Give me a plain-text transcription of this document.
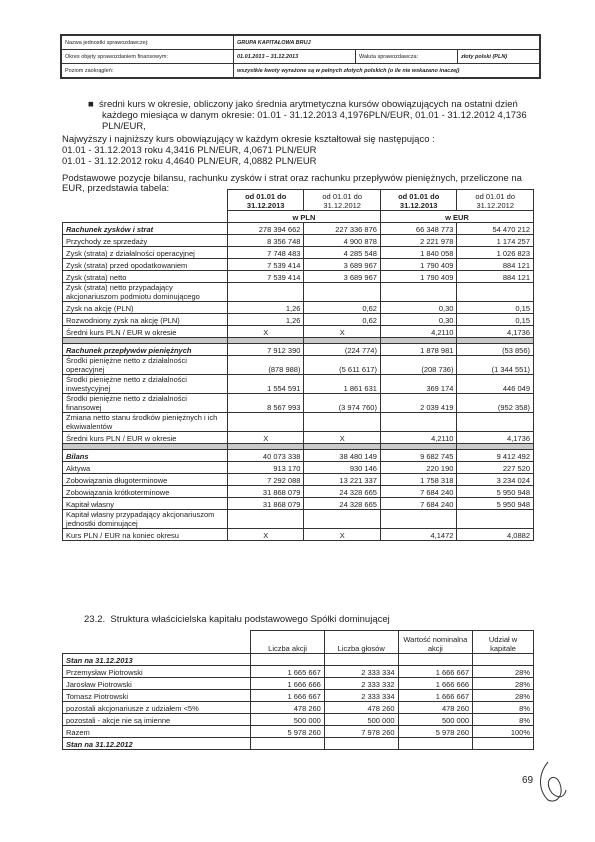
Nazwa jednostki sprawozdawczej:	GRUPA KAPITAŁOWA BRUJ		
Okres objęty sprawozdaniem finansowym:	01.01.2013 – 31.12.2013	Waluta sprawozdawcza:	złoty polski (PLN)
Poziom zaokrągleń:	wszystkie kwoty wyrażone są w pełnych złotych polskich (o ile nie wskazano inaczej)		
■  średni kurs w okresie, obliczony jako średnia arytmetyczna kursów obowiązujących na ostatni dzień
każdego miesiąca w danym okresie: 01.01 - 31.12.2013 4,1976PLN/EUR, 01.01 - 31.12.2012 4,1736
PLN/EUR,
Najwyższy i najniższy kurs obowiązujący w każdym okresie kształtował się następująco :
01.01 - 31.12.2013 roku 4,3416 PLN/EUR, 4,0671 PLN/EUR
01.01 - 31.12.2012 roku 4,4640 PLN/EUR, 4,0882 PLN/EUR
Podstawowe pozycje bilansu, rachunku zysków i strat oraz rachunku przepływów pieniężnych, przeliczone na
EUR, przedstawia tabela:
	od 01.01 do 31.12.2013	od 01.01 do 31.12.2012	od 01.01 do 31.12.2013	od 01.01 do 31.12.2012
	w PLN		w EUR	
Rachunek zysków i strat	278 394 662	227 336 876	66 348 773	54 470 212
Przychody ze sprzedaży	8 356 748	4 900 878	2 221 978	1 174 257
Zysk (strata) z działalności operacyjnej	7 748 483	4 285 548	1 840 058	1 026 823
Zysk (strata) przed opodatkowaniem	7 539 414	3 689 967	1 790 409	884 121
Zysk (strata) netto	7 539 414	3 689 967	1 790 409	884 121
Zysk (strata) netto przypadający akcjonariuszom podmiotu dominującego				
Zysk na akcję (PLN)	1,26	0,62	0,30	0,15
Rozwodniony zysk na akcję (PLN)	1,26	0,62	0,30	0,15
Średni kurs PLN / EUR w okresie	X	X	4,2110	4,1736

Rachunek przepływów pieniężnych	7 912 390	(224 774)	1 878 981	(53 856)
Środki pieniężne netto z działalności operacyjnej	(878 988)	(5 611 617)	(208 736)	(1 344 551)
Środki pieniężne netto z działalności inwestycyjnej	1 554 591	1 861 631	369 174	446 049
Środki pieniężne netto z działalności finansowej	8 567 993	(3 974 760)	2 039 419	(952 358)
Zmiana netto stanu środków pieniężnych i ich ekwiwalentów				
Średni kurs PLN / EUR w okresie	X	X	4,2110	4,1736

Bilans	40 073 338	38 480 149	9 682 745	9 412 492
Aktywa	913 170	930 146	220 190	227 520
Zobowiązania długoterminowe	7 292 088	13 221 337	1 758 318	3 234 024
Zobowiązania krótkoterminowe	31 868 079	24 328 665	7 684 240	5 950 948
Kapitał własny	31 868 079	24 328 665	7 684 240	5 950 948
Kapitał własny przypadający akcjonariuszom jednostki dominującej				
Kurs PLN / EUR na koniec okresu	X	X	4,1472	4,0882
23.2. Struktura właścicielska kapitału podstawowego Spółki dominującej
	Liczba akcji	Liczba głosów	Wartość nominalna akcji	Udział w kapitale
Stan na 31.12.2013				
Przemysław Piotrowski	1 665 667	2 333 334	1 666 667	28%
Jarosław Piotrowski	1 666 666	2 333 332	1 666 666	28%
Tomasz Piotrowski	1 666 667	2 333 334	1 666 667	28%
pozostali akcjonariusze z udziałem <5%	478 260	478 260	478 260	8%
pozostali - akcje nie są imienne	500 000	500 000	500 000	8%
Razem	5 978 260	7 978 260	5 978 260	100%
Stan na 31.12.2012				
69
